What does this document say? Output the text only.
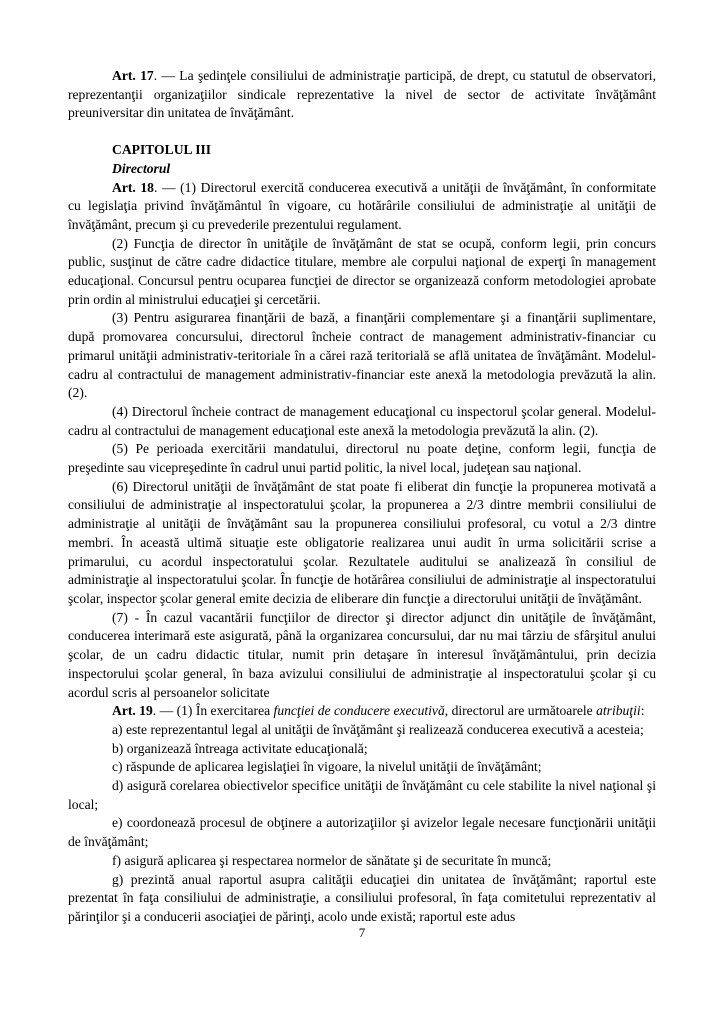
Art. 17. — La şedinţele consiliului de administraţie participă, de drept, cu statutul de observatori, reprezentanţii organizaţiilor sindicale reprezentative la nivel de sector de activitate învăţământ preuniversitar din unitatea de învăţământ.

CAPITOLUL III

Directorul

Art. 18. — (1) Directorul exercită conducerea executivă a unităţii de învăţământ, în conformitate cu legislaţia privind învăţământul în vigoare, cu hotărârile consiliului de administraţie al unităţii de învăţământ, precum şi cu prevederile prezentului regulament.

(2) Funcţia de director în unităţile de învăţământ de stat se ocupă, conform legii, prin concurs public, susţinut de către cadre didactice titulare, membre ale corpului naţional de experţi în management educaţional. Concursul pentru ocuparea funcţiei de director se organizează conform metodologiei aprobate prin ordin al ministrului educaţiei şi cercetării.

(3) Pentru asigurarea finanţării de bază, a finanţării complementare şi a finanţării suplimentare, după promovarea concursului, directorul încheie contract de management administrativ-financiar cu primarul unităţii administrativ-teritoriale în a cărei rază teritorială se află unitatea de învăţământ. Modelul-cadru al contractului de management administrativ-financiar este anexă la metodologia prevăzută la alin. (2).

(4) Directorul încheie contract de management educaţional cu inspectorul şcolar general. Modelul-cadru al contractului de management educaţional este anexă la metodologia prevăzută la alin. (2).

(5) Pe perioada exercitării mandatului, directorul nu poate deţine, conform legii, funcţia de preşedinte sau vicepreşedinte în cadrul unui partid politic, la nivel local, judeţean sau naţional.

(6) Directorul unităţii de învăţământ de stat poate fi eliberat din funcţie la propunerea motivată a consiliului de administraţie al inspectoratului şcolar, la propunerea a 2/3 dintre membrii consiliului de administraţie al unităţii de învăţământ sau la propunerea consiliului profesoral, cu votul a 2/3 dintre membri. În această ultimă situaţie este obligatorie realizarea unui audit în urma solicitării scrise a primarului, cu acordul inspectoratului şcolar. Rezultatele auditului se analizează în consiliul de administraţie al inspectoratului şcolar. În funcţie de hotărârea consiliului de administraţie al inspectoratului şcolar, inspector şcolar general emite decizia de eliberare din funcţie a directorului unităţii de învăţământ.

(7) - În cazul vacantării funcţiilor de director şi director adjunct din unităţile de învăţământ, conducerea interimară este asigurată, până la organizarea concursului, dar nu mai târziu de sfârşitul anului şcolar, de un cadru didactic titular, numit prin detaşare în interesul învăţământului, prin decizia inspectorului şcolar general, în baza avizului consiliului de administraţie al inspectoratului şcolar şi cu acordul scris al persoanelor solicitate

Art. 19. — (1) În exercitarea funcţiei de conducere executivă, directorul are următoarele atribuţii:

a) este reprezentantul legal al unităţii de învăţământ şi realizează conducerea executivă a acesteia;

b) organizează întreaga activitate educaţională;

c) răspunde de aplicarea legislaţiei în vigoare, la nivelul unităţii de învăţământ;

d) asigură corelarea obiectivelor specifice unităţii de învăţământ cu cele stabilite la nivel naţional şi local;

e) coordonează procesul de obţinere a autorizaţiilor şi avizelor legale necesare funcţionării unităţii de învăţământ;

f) asigură aplicarea şi respectarea normelor de sănătate şi de securitate în muncă;

g) prezintă anual raportul asupra calităţii educaţiei din unitatea de învăţământ; raportul este prezentat în faţa consiliului de administraţie, a consiliului profesoral, în faţa comitetului reprezentativ al părinţilor şi a conducerii asociaţiei de părinţi, acolo unde există; raportul este adus

7
